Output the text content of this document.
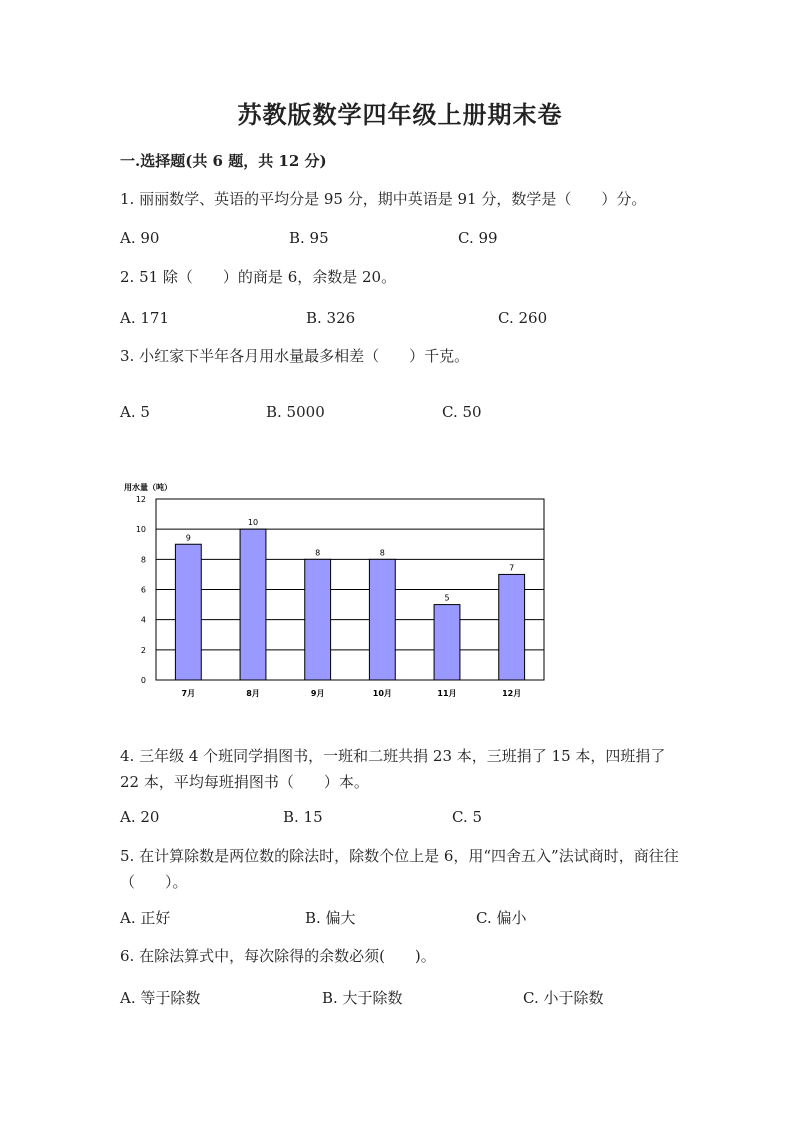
苏教版数学四年级上册期末卷
一.选择题(共 6 题，共 12 分)
1. 丽丽数学、英语的平均分是 95 分，期中英语是 91 分，数学是（　　）分。
A. 90	B. 95	C. 99
2. 51 除（　　）的商是 6，余数是 20。
A. 171	B. 326	C. 260
3. 小红家下半年各月用水量最多相差（　　）千克。
A. 5	B. 5000	C. 50
用水量（吨）
0
2
4
6
8
10
12
9
7月
10
8月
8
9月
8
10月
5
11月
7
12月
4. 三年级 4 个班同学捐图书，一班和二班共捐 23 本，三班捐了 15 本，四班捐了 22 本，平均每班捐图书（　　）本。
A. 20	B. 15	C. 5
5. 在计算除数是两位数的除法时，除数个位上是 6，用“四舍五入”法试商时，商往往（　　）。
A. 正好	B. 偏大	C. 偏小
6. 在除法算式中，每次除得的余数必须(　　)。
A. 等于除数	B. 大于除数	C. 小于除数
